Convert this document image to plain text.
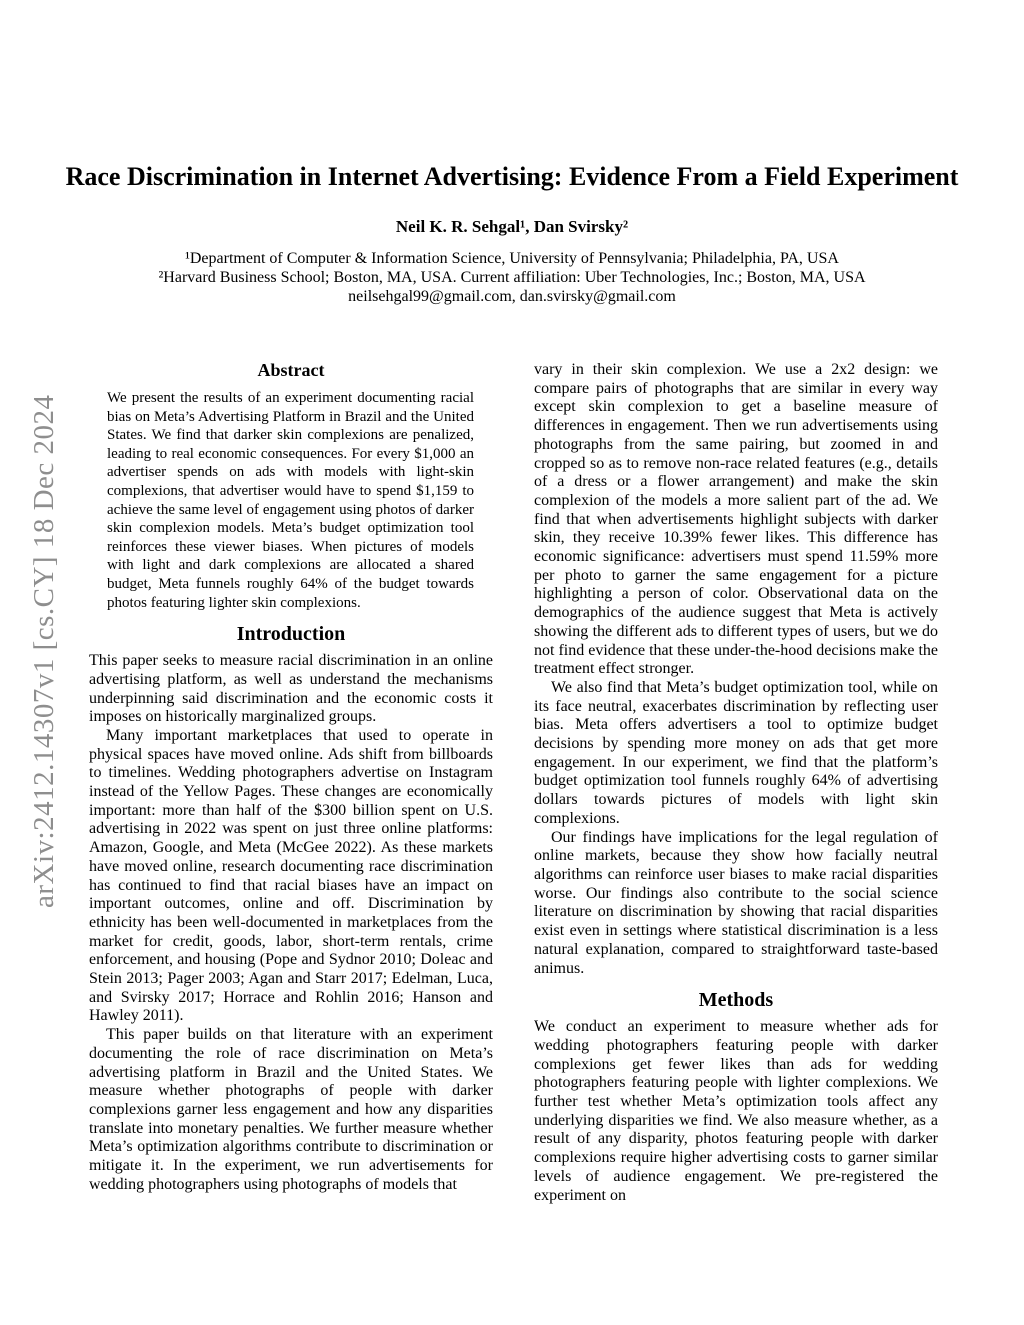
arXiv:2412.14307v1 [cs.CY] 18 Dec 2024
Race Discrimination in Internet Advertising: Evidence From a Field Experiment
Neil K. R. Sehgal¹, Dan Svirsky²
¹Department of Computer & Information Science, University of Pennsylvania; Philadelphia, PA, USA
²Harvard Business School; Boston, MA, USA. Current affiliation: Uber Technologies, Inc.; Boston, MA, USA
neilsehgal99@gmail.com, dan.svirsky@gmail.com
Abstract

We present the results of an experiment documenting racial bias on Meta’s Advertising Platform in Brazil and the United States. We find that darker skin complexions are penalized, leading to real economic consequences. For every $1,000 an advertiser spends on ads with models with light-skin complexions, that advertiser would have to spend $1,159 to achieve the same level of engagement using photos of darker skin complexion models. Meta’s budget optimization tool reinforces these viewer biases. When pictures of models with light and dark complexions are allocated a shared budget, Meta funnels roughly 64% of the budget towards photos featuring lighter skin complexions.

Introduction

This paper seeks to measure racial discrimination in an online advertising platform, as well as understand the mechanisms underpinning said discrimination and the economic costs it imposes on historically marginalized groups.

Many important marketplaces that used to operate in physical spaces have moved online. Ads shift from billboards to timelines. Wedding photographers advertise on Instagram instead of the Yellow Pages. These changes are economically important: more than half of the $300 billion spent on U.S. advertising in 2022 was spent on just three online platforms: Amazon, Google, and Meta (McGee 2022). As these markets have moved online, research documenting race discrimination has continued to find that racial biases have an impact on important outcomes, online and off. Discrimination by ethnicity has been well-documented in marketplaces from the market for credit, goods, labor, short-term rentals, crime enforcement, and housing (Pope and Sydnor 2010; Doleac and Stein 2013; Pager 2003; Agan and Starr 2017; Edelman, Luca, and Svirsky 2017; Horrace and Rohlin 2016; Hanson and Hawley 2011).

This paper builds on that literature with an experiment documenting the role of race discrimination on Meta’s advertising platform in Brazil and the United States. We measure whether photographs of people with darker complexions garner less engagement and how any disparities translate into monetary penalties. We further measure whether Meta’s optimization algorithms contribute to discrimination or mitigate it. In the experiment, we run advertisements for wedding photographers using photographs of models that

vary in their skin complexion. We use a 2x2 design: we compare pairs of photographs that are similar in every way except skin complexion to get a baseline measure of differences in engagement. Then we run advertisements using photographs from the same pairing, but zoomed in and cropped so as to remove non-race related features (e.g., details of a dress or a flower arrangement) and make the skin complexion of the models a more salient part of the ad. We find that when advertisements highlight subjects with darker skin, they receive 10.39% fewer likes. This difference has economic significance: advertisers must spend 11.59% more per photo to garner the same engagement for a picture highlighting a person of color. Observational data on the demographics of the audience suggest that Meta is actively showing the different ads to different types of users, but we do not find evidence that these under-the-hood decisions make the treatment effect stronger.

We also find that Meta’s budget optimization tool, while on its face neutral, exacerbates discrimination by reflecting user bias. Meta offers advertisers a tool to optimize budget decisions by spending more money on ads that get more engagement. In our experiment, we find that the platform’s budget optimization tool funnels roughly 64% of advertising dollars towards pictures of models with light skin complexions.

Our findings have implications for the legal regulation of online markets, because they show how facially neutral algorithms can reinforce user biases to make racial disparities worse. Our findings also contribute to the social science literature on discrimination by showing that racial disparities exist even in settings where statistical discrimination is a less natural explanation, compared to straightforward taste-based animus.

Methods

We conduct an experiment to measure whether ads for wedding photographers featuring people with darker complexions get fewer likes than ads for wedding photographers featuring people with lighter complexions. We further test whether Meta’s optimization tools affect any underlying disparities we find. We also measure whether, as a result of any disparity, photos featuring people with darker complexions require higher advertising costs to garner similar levels of audience engagement. We pre-registered the experiment on
